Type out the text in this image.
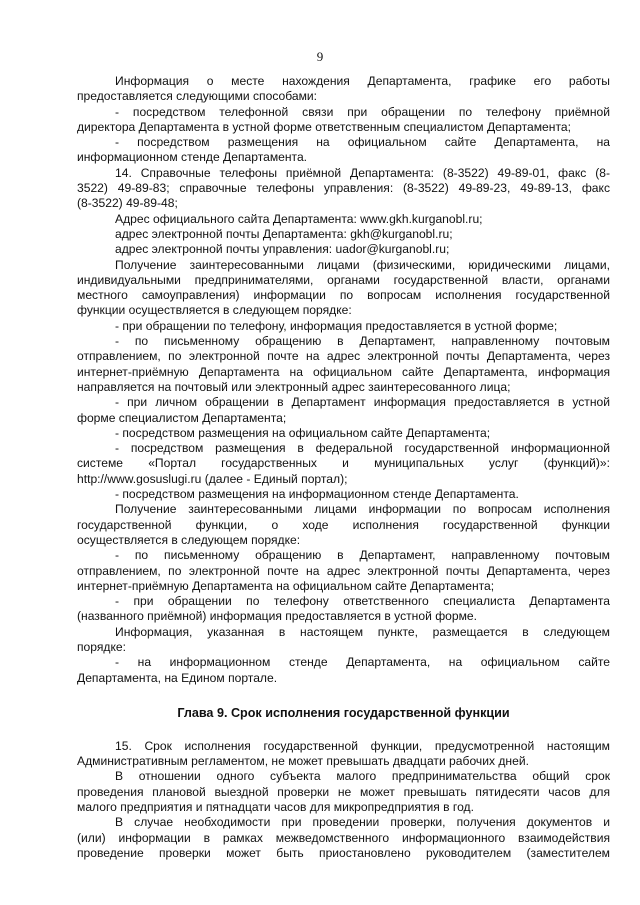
9

Информация о месте нахождения Департамента, графике его работы

предоставляется следующими способами:

- посредством телефонной связи при обращении по телефону приёмной

директора Департамента в устной форме ответственным специалистом Департамента;

- посредством размещения на официальном сайте Департамента, на

информационном стенде Департамента.

14. Справочные телефоны приёмной Департамента: (8-3522) 49-89-01, факс (8-

3522) 49-89-83; справочные телефоны управления: (8-3522) 49-89-23, 49-89-13, факс

(8-3522) 49-89-48;

Адрес официального сайта Департамента: www.gkh.kurganobl.ru;

адрес электронной почты Департамента: gkh@kurganobl.ru;

адрес электронной почты управления: uador@kurganobl.ru;

Получение заинтересованными лицами (физическими, юридическими лицами,

индивидуальными предпринимателями, органами государственной власти, органами

местного самоуправления) информации по вопросам исполнения государственной

функции осуществляется в следующем порядке:

- при обращении по телефону, информация предоставляется в устной форме;

- по письменному обращению в Департамент, направленному почтовым

отправлением, по электронной почте на адрес электронной почты Департамента, через

интернет-приёмную Департамента на официальном сайте Департамента, информация

направляется на почтовый или электронный адрес заинтересованного лица;

- при личном обращении в Департамент информация предоставляется в устной

форме специалистом Департамента;

- посредством размещения на официальном сайте Департамента;

- посредством размещения в федеральной государственной информационной

системе «Портал государственных и муниципальных услуг (функций)»:

http://www.gosuslugi.ru (далее - Единый портал);

- посредством размещения на информационном стенде Департамента.

Получение заинтересованными лицами информации по вопросам исполнения

государственной функции, о ходе исполнения государственной функции

осуществляется в следующем порядке:

- по письменному обращению в Департамент, направленному почтовым

отправлением, по электронной почте на адрес электронной почты Департамента, через

интернет-приёмную Департамента на официальном сайте Департамента;

- при обращении по телефону ответственного специалиста Департамента

(названного приёмной) информация предоставляется в устной форме.

Информация, указанная в настоящем пункте, размещается в следующем

порядке:

- на информационном стенде Департамента, на официальном сайте

Департамента, на Едином портале.

Глава 9. Срок исполнения государственной функции

15. Срок исполнения государственной функции, предусмотренной настоящим

Административным регламентом, не может превышать двадцати рабочих дней.

В отношении одного субъекта малого предпринимательства общий срок

проведения плановой выездной проверки не может превышать пятидесяти часов для

малого предприятия и пятнадцати часов для микропредприятия в год.

В случае необходимости при проведении проверки, получения документов и

(или) информации в рамках межведомственного информационного взаимодействия

проведение проверки может быть приостановлено руководителем (заместителем
